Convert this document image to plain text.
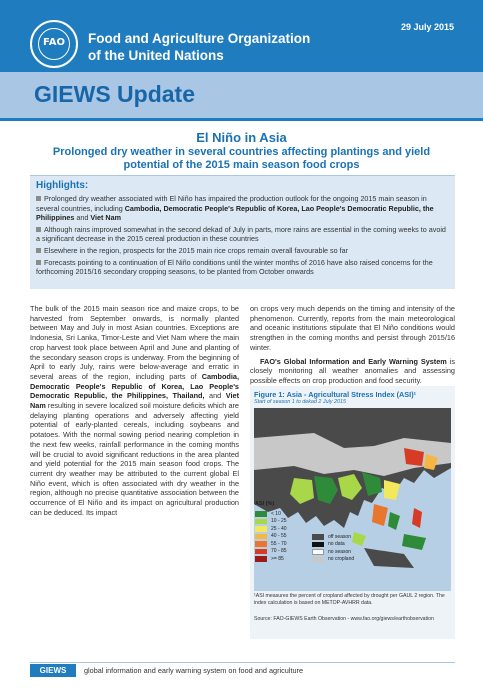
FAO	Food and Agriculture Organization
of the United Nations
29 July 2015
GIEWS Update
El Niño in Asia
Prolonged dry weather in several countries affecting plantings and yield potential of the 2015 main season food crops
Highlights:
Prolonged dry weather associated with El Niño has impaired the production outlook for the ongoing 2015 main season in several countries, including Cambodia, Democratic People's Republic of Korea, Lao People's Democratic Republic, the Philippines and Viet Nam
Although rains improved somewhat in the second dekad of July in parts, more rains are essential in the coming weeks to avoid a significant decrease in the 2015 cereal production in these countries
Elsewhere in the region, prospects for the 2015 main rice crops remain overall favourable so far
Forecasts pointing to a continuation of El Niño conditions until the winter months of 2016 have also raised concerns for the forthcoming 2015/16 secondary cropping seasons, to be planted from October onwards
The bulk of the 2015 main season rice and maize crops, to be harvested from September onwards, is normally planted between May and July in most Asian countries. Exceptions are Indonesia, Sri Lanka, Timor-Leste and Viet Nam where the main crop harvest took place between April and June and planting of the secondary season crops is underway. From the beginning of April to early July, rains were below-average and erratic in several areas of the region, including parts of Cambodia, Democratic People's Republic of Korea, Lao People's Democratic Republic, the Philippines, Thailand, and Viet Nam resulting in severe localized soil moisture deficits which are delaying planting operations and adversely affecting yield potential of early-planted cereals, including soybeans and potatoes. With the normal sowing period nearing completion in the next few weeks, rainfall performance in the coming months will be crucial to avoid significant reductions in the area planted and yield potential for the 2015 main season food crops. The current dry weather may be attributed to the current global El Niño event, which is often associated with dry weather in the region, although no precise quantitative association between the occurrence of El Niño and its impact on agricultural production can be deduced. Its impact

on crops very much depends on the timing and intensity of the phenomenon. Currently, reports from the main meteorological and oceanic institutions stipulate that El Niño conditions would strengthen in the coming months and persist through 2015/16 winter.

FAO's Global Information and Early Warning System is closely monitoring all weather anomalies and assessing possible effects on crop production and food security.

Figure 1: Asia - Agricultural Stress Index (ASI)¹
Start of season 1 to dekad 2 July 2015
ASI (%)
< 10
10 - 25
25 - 40
40 - 55
55 - 70
70 - 85
>= 85
off season
no data
no season
no cropland
¹ASI measures the percent of cropland affected by drought per GAUL 2 region. The index calculation is based on METOP-AVHRR data.
Source: FAO-GIEWS Earth Observation - www.fao.org/giews/earthobservation
GIEWS	global information and early warning system on food and agriculture
